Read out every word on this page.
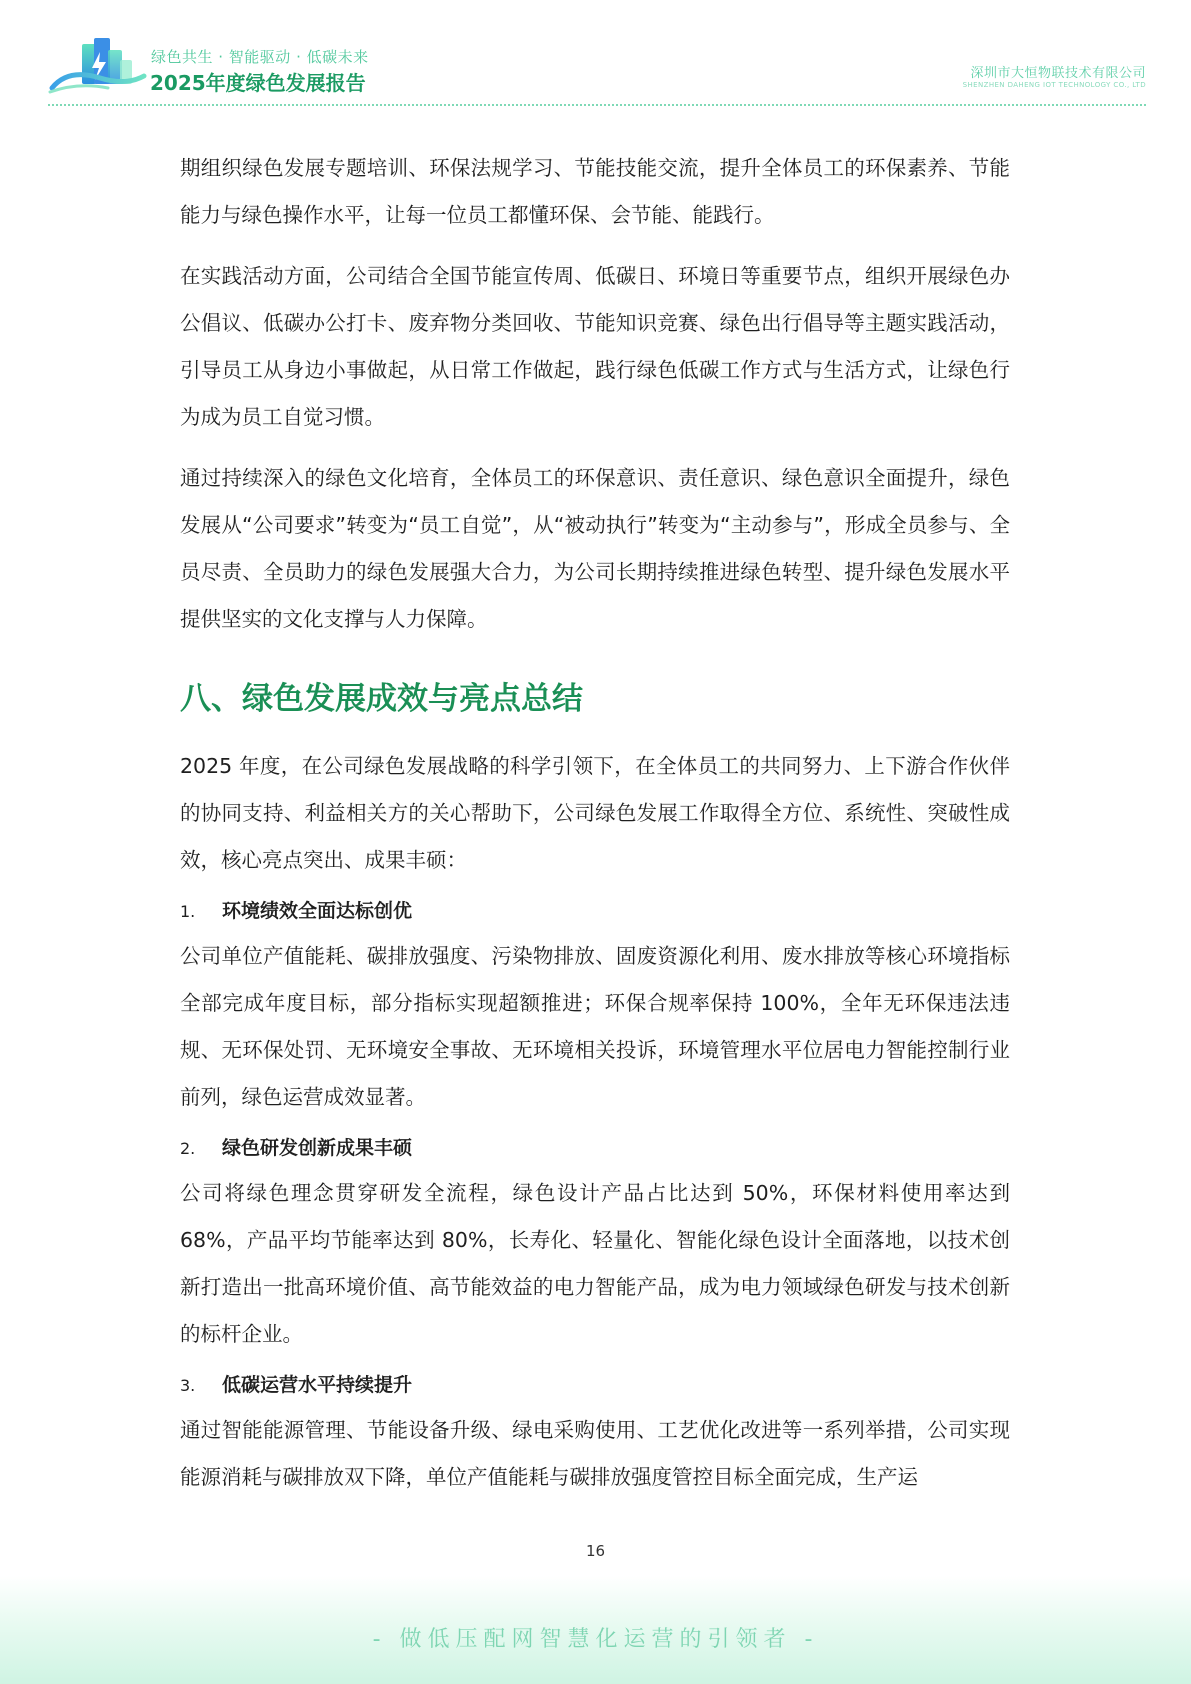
绿色共生 · 智能驱动 · 低碳未来
2025年度绿色发展报告	深圳市大恒物联技术有限公司
SHENZHEN DAHENG IOT TECHNOLOGY CO., LTD

期组织绿色发展专题培训、环保法规学习、节能技能交流，提升全体员工的环保素养、节能能力与绿色操作水平，让每一位员工都懂环保、会节能、能践行。

在实践活动方面，公司结合全国节能宣传周、低碳日、环境日等重要节点，组织开展绿色办公倡议、低碳办公打卡、废弃物分类回收、节能知识竞赛、绿色出行倡导等主题实践活动，引导员工从身边小事做起，从日常工作做起，践行绿色低碳工作方式与生活方式，让绿色行为成为员工自觉习惯。

通过持续深入的绿色文化培育，全体员工的环保意识、责任意识、绿色意识全面提升，绿色发展从“公司要求”转变为“员工自觉”，从“被动执行”转变为“主动参与”，形成全员参与、全员尽责、全员助力的绿色发展强大合力，为公司长期持续推进绿色转型、提升绿色发展水平提供坚实的文化支撑与人力保障。

八、绿色发展成效与亮点总结

2025 年度，在公司绿色发展战略的科学引领下，在全体员工的共同努力、上下游合作伙伴的协同支持、利益相关方的关心帮助下，公司绿色发展工作取得全方位、系统性、突破性成效，核心亮点突出、成果丰硕：

1. 环境绩效全面达标创优

公司单位产值能耗、碳排放强度、污染物排放、固废资源化利用、废水排放等核心环境指标全部完成年度目标，部分指标实现超额推进；环保合规率保持 100%，全年无环保违法违规、无环保处罚、无环境安全事故、无环境相关投诉，环境管理水平位居电力智能控制行业前列，绿色运营成效显著。

2. 绿色研发创新成果丰硕

公司将绿色理念贯穿研发全流程，绿色设计产品占比达到 50%，环保材料使用率达到 68%，产品平均节能率达到 80%，长寿化、轻量化、智能化绿色设计全面落地，以技术创新打造出一批高环境价值、高节能效益的电力智能产品，成为电力领域绿色研发与技术创新的标杆企业。

3. 低碳运营水平持续提升

通过智能能源管理、节能设备升级、绿电采购使用、工艺优化改进等一系列举措，公司实现能源消耗与碳排放双下降，单位产值能耗与碳排放强度管控目标全面完成，生产运

16
- 做低压配网智慧化运营的引领者 -
